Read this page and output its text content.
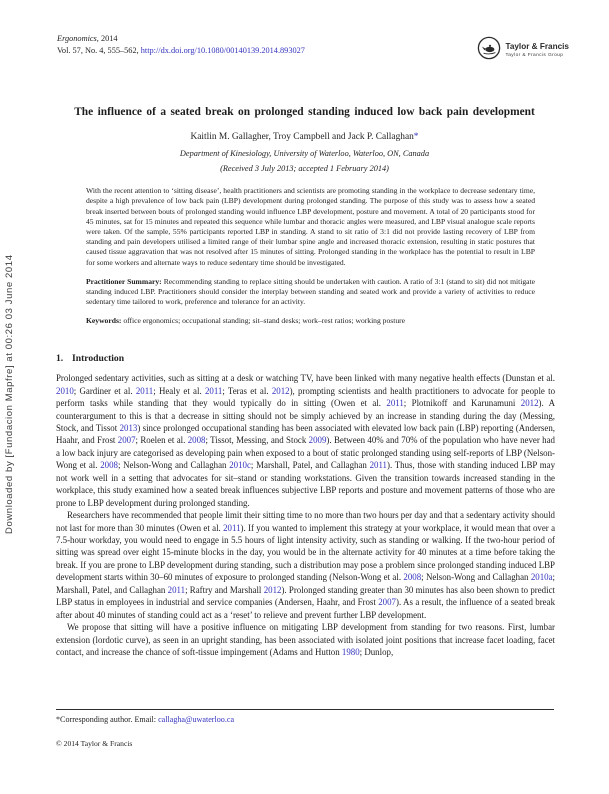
Downloaded by [Fundacion Mapfre] at 00:26 03 June 2014
Ergonomics, 2014
Vol. 57, No. 4, 555–562, http://dx.doi.org/10.1080/00140139.2014.893027	Taylor & Francis
Taylor & Francis Group
The influence of a seated break on prolonged standing induced low back pain development
Kaitlin M. Gallagher, Troy Campbell and Jack P. Callaghan*
Department of Kinesiology, University of Waterloo, Waterloo, ON, Canada
(Received 3 July 2013; accepted 1 February 2014)

With the recent attention to ‘sitting disease’, health practitioners and scientists are promoting standing in the workplace to decrease sedentary time, despite a high prevalence of low back pain (LBP) development during prolonged standing. The purpose of this study was to assess how a seated break inserted between bouts of prolonged standing would influence LBP development, posture and movement. A total of 20 participants stood for 45 minutes, sat for 15 minutes and repeated this sequence while lumbar and thoracic angles were measured, and LBP visual analogue scale reports were taken. Of the sample, 55% participants reported LBP in standing. A stand to sit ratio of 3:1 did not provide lasting recovery of LBP from standing and pain developers utilised a limited range of their lumbar spine angle and increased thoracic extension, resulting in static postures that caused tissue aggravation that was not resolved after 15 minutes of sitting. Prolonged standing in the workplace has the potential to result in LBP for some workers and alternate ways to reduce sedentary time should be investigated.

Practitioner Summary: Recommending standing to replace sitting should be undertaken with caution. A ratio of 3:1 (stand to sit) did not mitigate standing induced LBP. Practitioners should consider the interplay between standing and seated work and provide a variety of activities to reduce sedentary time tailored to work, preference and tolerance for an activity.

Keywords: office ergonomics; occupational standing; sit–stand desks; work–rest ratios; working posture

1. Introduction

Prolonged sedentary activities, such as sitting at a desk or watching TV, have been linked with many negative health effects (Dunstan et al. 2010; Gardiner et al. 2011; Healy et al. 2011; Teras et al. 2012), prompting scientists and health practitioners to advocate for people to perform tasks while standing that they would typically do in sitting (Owen et al. 2011; Plotnikoff and Karunamuni 2012). A counterargument to this is that a decrease in sitting should not be simply achieved by an increase in standing during the day (Messing, Stock, and Tissot 2013) since prolonged occupational standing has been associated with elevated low back pain (LBP) reporting (Andersen, Haahr, and Frost 2007; Roelen et al. 2008; Tissot, Messing, and Stock 2009). Between 40% and 70% of the population who have never had a low back injury are categorised as developing pain when exposed to a bout of static prolonged standing using self-reports of LBP (Nelson-Wong et al. 2008; Nelson-Wong and Callaghan 2010c; Marshall, Patel, and Callaghan 2011). Thus, those with standing induced LBP may not work well in a setting that advocates for sit–stand or standing workstations. Given the transition towards increased standing in the workplace, this study examined how a seated break influences subjective LBP reports and posture and movement patterns of those who are prone to LBP development during prolonged standing.

Researchers have recommended that people limit their sitting time to no more than two hours per day and that a sedentary activity should not last for more than 30 minutes (Owen et al. 2011). If you wanted to implement this strategy at your workplace, it would mean that over a 7.5-hour workday, you would need to engage in 5.5 hours of light intensity activity, such as standing or walking. If the two-hour period of sitting was spread over eight 15-minute blocks in the day, you would be in the alternate activity for 40 minutes at a time before taking the break. If you are prone to LBP development during standing, such a distribution may pose a problem since prolonged standing induced LBP development starts within 30–60 minutes of exposure to prolonged standing (Nelson-Wong et al. 2008; Nelson-Wong and Callaghan 2010a; Marshall, Patel, and Callaghan 2011; Raftry and Marshall 2012). Prolonged standing greater than 30 minutes has also been shown to predict LBP status in employees in industrial and service companies (Andersen, Haahr, and Frost 2007). As a result, the influence of a seated break after about 40 minutes of standing could act as a ‘reset’ to relieve and prevent further LBP development.

We propose that sitting will have a positive influence on mitigating LBP development from standing for two reasons. First, lumbar extension (lordotic curve), as seen in an upright standing, has been associated with isolated joint positions that increase facet loading, facet contact, and increase the chance of soft-tissue impingement (Adams and Hutton 1980; Dunlop,

*Corresponding author. Email: callagha@uwaterloo.ca
© 2014 Taylor & Francis
